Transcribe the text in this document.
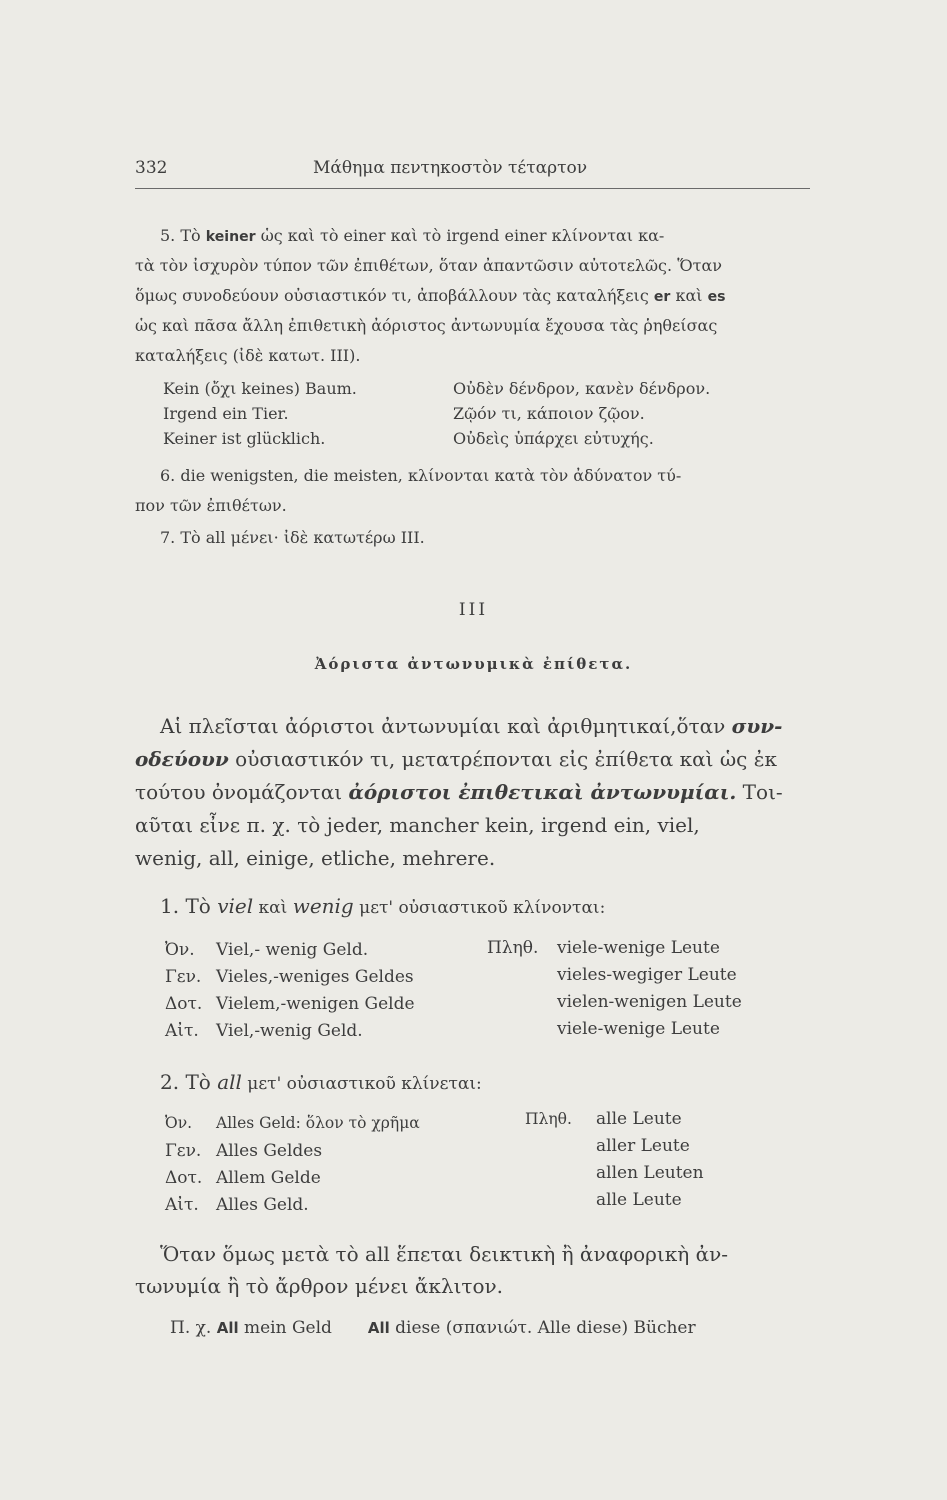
332	Μάθημα πεντηκοστὸν τέταρτον
5. Τὸ keiner ὡς καὶ τὸ einer καὶ τὸ irgend einer κλίνονται κα-
τὰ τὸν ἰσχυρὸν τύπον τῶν ἐπιθέτων, ὅταν ἀπαντῶσιν αὐτοτελῶς. Ὅταν
ὅμως συνοδεύουν οὐσιαστικόν τι, ἀποβάλλουν τὰς καταλήξεις er καὶ es
ὡς καὶ πᾶσα ἄλλη ἐπιθετικὴ ἀόριστος ἀντωνυμία ἔχουσα τὰς ῥηθείσας
καταλήξεις (ἰδὲ κατωτ. III).
Kein (ὄχι keines) Baum.	Οὐδὲν δένδρον, κανὲν δένδρον.
Irgend ein Tier.	Ζῷόν τι, κάποιον ζῷον.
Keiner ist glücklich.	Οὐδεὶς ὑπάρχει εὐτυχής.
6. die wenigsten, die meisten, κλίνονται κατὰ τὸν ἀδύνατον τύ-
πον τῶν ἐπιθέτων.
7. Τὸ all μένει· ἰδὲ κατωτέρω III.
III
Ἀόριστα ἀντωνυμικὰ ἐπίθετα.
Αἱ πλεῖσται ἀόριστοι ἀντωνυμίαι καὶ ἀριθμητικαί,ὅταν συν-
οδεύουν οὐσιαστικόν τι, μετατρέπονται εἰς ἐπίθετα καὶ ὡς ἐκ
τούτου ὀνομάζονται ἀόριστοι ἐπιθετικαὶ ἀντωνυμίαι. Τοι-
αῦται εἶνε π. χ. τὸ jeder, mancher kein, irgend ein, viel,
wenig, all, einige, etliche, mehrere.
1. Τὸ viel καὶ wenig μετ' οὐσιαστικοῦ κλίνονται:
Πληθ.
Ὀν. Viel,- wenig Geld.	viele-wenige Leute
Γεν. Vieles,-weniges Geldes	vieles-wegiger Leute
Δοτ. Vielem,-wenigen Gelde	vielen-wenigen Leute
Αἰτ. Viel,-wenig Geld.	viele-wenige Leute
2. Τὸ all μετ' οὐσιαστικοῦ κλίνεται:
Πληθ.
Ὀν. Alles Geld: ὅλον τὸ χρῆμα	alle Leute
Γεν. Alles Geldes	aller Leute
Δοτ. Allem Gelde	allen Leuten
Αἰτ. Alles Geld.	alle Leute
Ὅταν ὅμως μετὰ τὸ all ἕπεται δεικτικὴ ἢ ἀναφορικὴ ἀν-
τωνυμία ἢ τὸ ἄρθρον μένει ἄκλιτον.
Π. χ. All mein Geld All diese (σπανιώτ. Alle diese) Bücher
